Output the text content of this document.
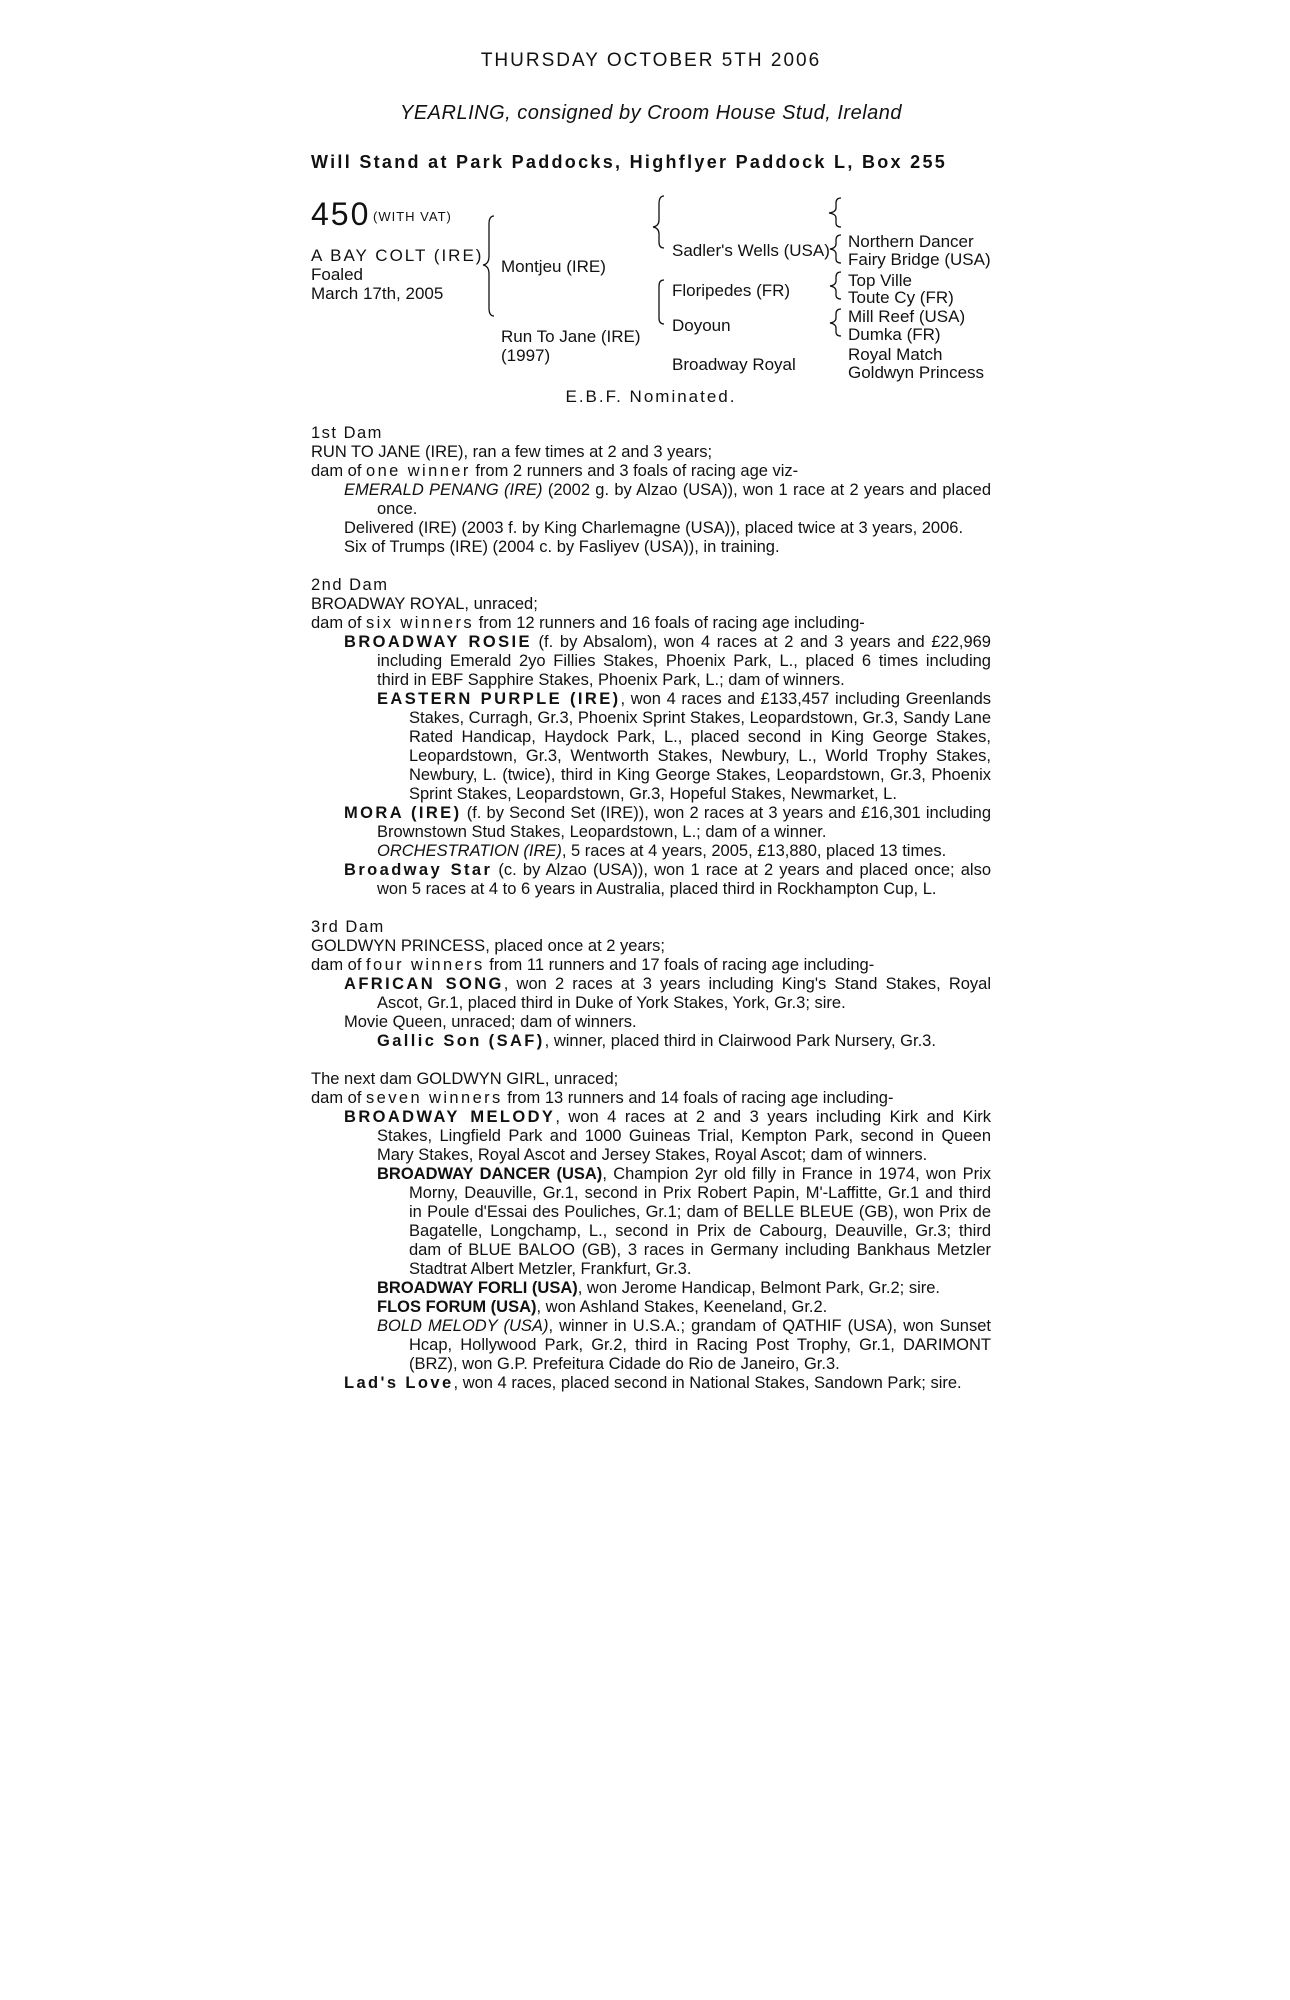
THURSDAY OCTOBER 5TH 2006
YEARLING, consigned by Croom House Stud, Ireland
Will Stand at Park Paddocks, Highflyer Paddock L, Box 255
450 (WITH VAT)
A BAY COLT (IRE)
Foaled
March 17th, 2005
Montjeu (IRE)
Run To Jane (IRE)
(1997)
Sadler's Wells (USA)
Floripedes (FR)
Doyoun
Broadway Royal
Northern Dancer
Fairy Bridge (USA)
Top Ville
Toute Cy (FR)
Mill Reef (USA)
Dumka (FR)
Royal Match
Goldwyn Princess
E.B.F. Nominated.

1st Dam

RUN TO JANE (IRE), ran a few times at 2 and 3 years;

dam of one winner from 2 runners and 3 foals of racing age viz-

EMERALD PENANG (IRE) (2002 g. by Alzao (USA)), won 1 race at 2 years and placed once.

Delivered (IRE) (2003 f. by King Charlemagne (USA)), placed twice at 3 years, 2006.

Six of Trumps (IRE) (2004 c. by Fasliyev (USA)), in training.

2nd Dam

BROADWAY ROYAL, unraced;

dam of six winners from 12 runners and 16 foals of racing age including-

BROADWAY ROSIE (f. by Absalom), won 4 races at 2 and 3 years and £22,969 including Emerald 2yo Fillies Stakes, Phoenix Park, L., placed 6 times including third in EBF Sapphire Stakes, Phoenix Park, L.; dam of winners.

EASTERN PURPLE (IRE), won 4 races and £133,457 including Greenlands Stakes, Curragh, Gr.3, Phoenix Sprint Stakes, Leopardstown, Gr.3, Sandy Lane Rated Handicap, Haydock Park, L., placed second in King George Stakes, Leopardstown, Gr.3, Wentworth Stakes, Newbury, L., World Trophy Stakes, Newbury, L. (twice), third in King George Stakes, Leopardstown, Gr.3, Phoenix Sprint Stakes, Leopardstown, Gr.3, Hopeful Stakes, Newmarket, L.

MORA (IRE) (f. by Second Set (IRE)), won 2 races at 3 years and £16,301 including Brownstown Stud Stakes, Leopardstown, L.; dam of a winner.

ORCHESTRATION (IRE), 5 races at 4 years, 2005, £13,880, placed 13 times.

Broadway Star (c. by Alzao (USA)), won 1 race at 2 years and placed once; also won 5 races at 4 to 6 years in Australia, placed third in Rockhampton Cup, L.

3rd Dam

GOLDWYN PRINCESS, placed once at 2 years;

dam of four winners from 11 runners and 17 foals of racing age including-

AFRICAN SONG, won 2 races at 3 years including King's Stand Stakes, Royal Ascot, Gr.1, placed third in Duke of York Stakes, York, Gr.3; sire.

Movie Queen, unraced; dam of winners.

Gallic Son (SAF), winner, placed third in Clairwood Park Nursery, Gr.3.

The next dam GOLDWYN GIRL, unraced;

dam of seven winners from 13 runners and 14 foals of racing age including-

BROADWAY MELODY, won 4 races at 2 and 3 years including Kirk and Kirk Stakes, Lingfield Park and 1000 Guineas Trial, Kempton Park, second in Queen Mary Stakes, Royal Ascot and Jersey Stakes, Royal Ascot; dam of winners.

BROADWAY DANCER (USA), Champion 2yr old filly in France in 1974, won Prix Morny, Deauville, Gr.1, second in Prix Robert Papin, M'-Laffitte, Gr.1 and third in Poule d'Essai des Pouliches, Gr.1; dam of BELLE BLEUE (GB), won Prix de Bagatelle, Longchamp, L., second in Prix de Cabourg, Deauville, Gr.3; third dam of BLUE BALOO (GB), 3 races in Germany including Bankhaus Metzler Stadtrat Albert Metzler, Frankfurt, Gr.3.

BROADWAY FORLI (USA), won Jerome Handicap, Belmont Park, Gr.2; sire.

FLOS FORUM (USA), won Ashland Stakes, Keeneland, Gr.2.

BOLD MELODY (USA), winner in U.S.A.; grandam of QATHIF (USA), won Sunset Hcap, Hollywood Park, Gr.2, third in Racing Post Trophy, Gr.1, DARIMONT (BRZ), won G.P. Prefeitura Cidade do Rio de Janeiro, Gr.3.

Lad's Love, won 4 races, placed second in National Stakes, Sandown Park; sire.
